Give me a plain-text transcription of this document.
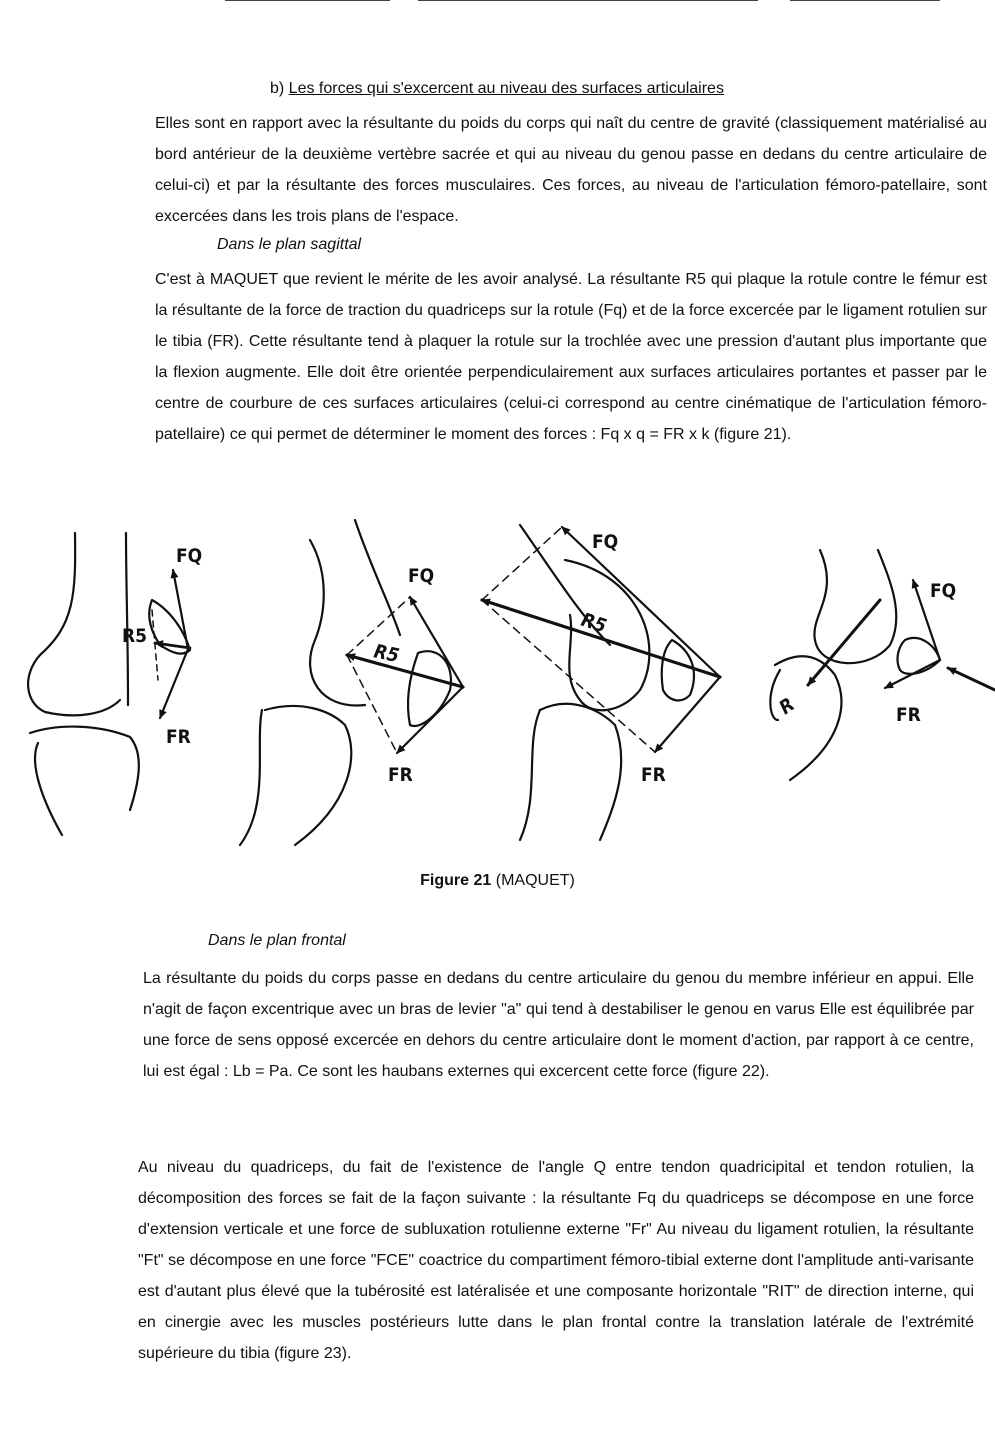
b) Les forces qui s'excercent au niveau des surfaces articulaires

Elles sont en rapport avec la résultante du poids du corps qui naît du centre de gravité (classiquement matérialisé au bord antérieur de la deuxième vertèbre sacrée et qui au niveau du genou passe en dedans du centre articulaire de celui-ci) et par la résultante des forces musculaires. Ces forces, au niveau de l'articulation fémoro-patellaire, sont excercées dans les trois plans de l'espace.

Dans le plan sagittal

C'est à MAQUET que revient le mérite de les avoir analysé. La résultante R5 qui plaque la rotule contre le fémur est la résultante de la force de traction du quadriceps sur la rotule (Fq) et de la force excercée par le ligament rotulien sur le tibia (FR). Cette résultante tend à plaquer la rotule sur la trochlée avec une pression d'autant plus importante que la flexion augmente. Elle doit être orientée perpendiculairement aux surfaces articulaires portantes et passer par le centre de courbure de ces surfaces articulaires (celui-ci correspond au centre cinématique de l'articulation fémoro-patellaire) ce qui permet de déterminer le moment des forces : Fq x q = FR x k (figure 21).

FQ
R5
FR
FQ
R5
FR
FQ
R5
FR
FQ
R	FR
Figure 21 (MAQUET)
Dans le plan frontal

La résultante du poids du corps passe en dedans du centre articulaire du genou du membre inférieur en appui. Elle n'agit de façon excentrique avec un bras de levier "a" qui tend à destabiliser le genou en varus Elle est équilibrée par une force de sens opposé excercée en dehors du centre articulaire dont le moment d'action, par rapport à ce centre, lui est égal : Lb = Pa. Ce sont les haubans externes qui excercent cette force (figure 22).

Au niveau du quadriceps, du fait de l'existence de l'angle Q entre tendon quadricipital et tendon rotulien, la décomposition des forces se fait de la façon suivante : la résultante Fq du quadriceps se décompose en une force d'extension verticale et une force de subluxation rotulienne externe "Fr" Au niveau du ligament rotulien, la résultante "Ft" se décompose en une force "FCE" coactrice du compartiment fémoro-tibial externe dont l'amplitude anti-varisante est d'autant plus élevé que la tubérosité est latéralisée et une composante horizontale "RIT" de direction interne, qui en cinergie avec les muscles postérieurs lutte dans le plan frontal contre la translation latérale de l'extrémité supérieure du tibia (figure 23).
